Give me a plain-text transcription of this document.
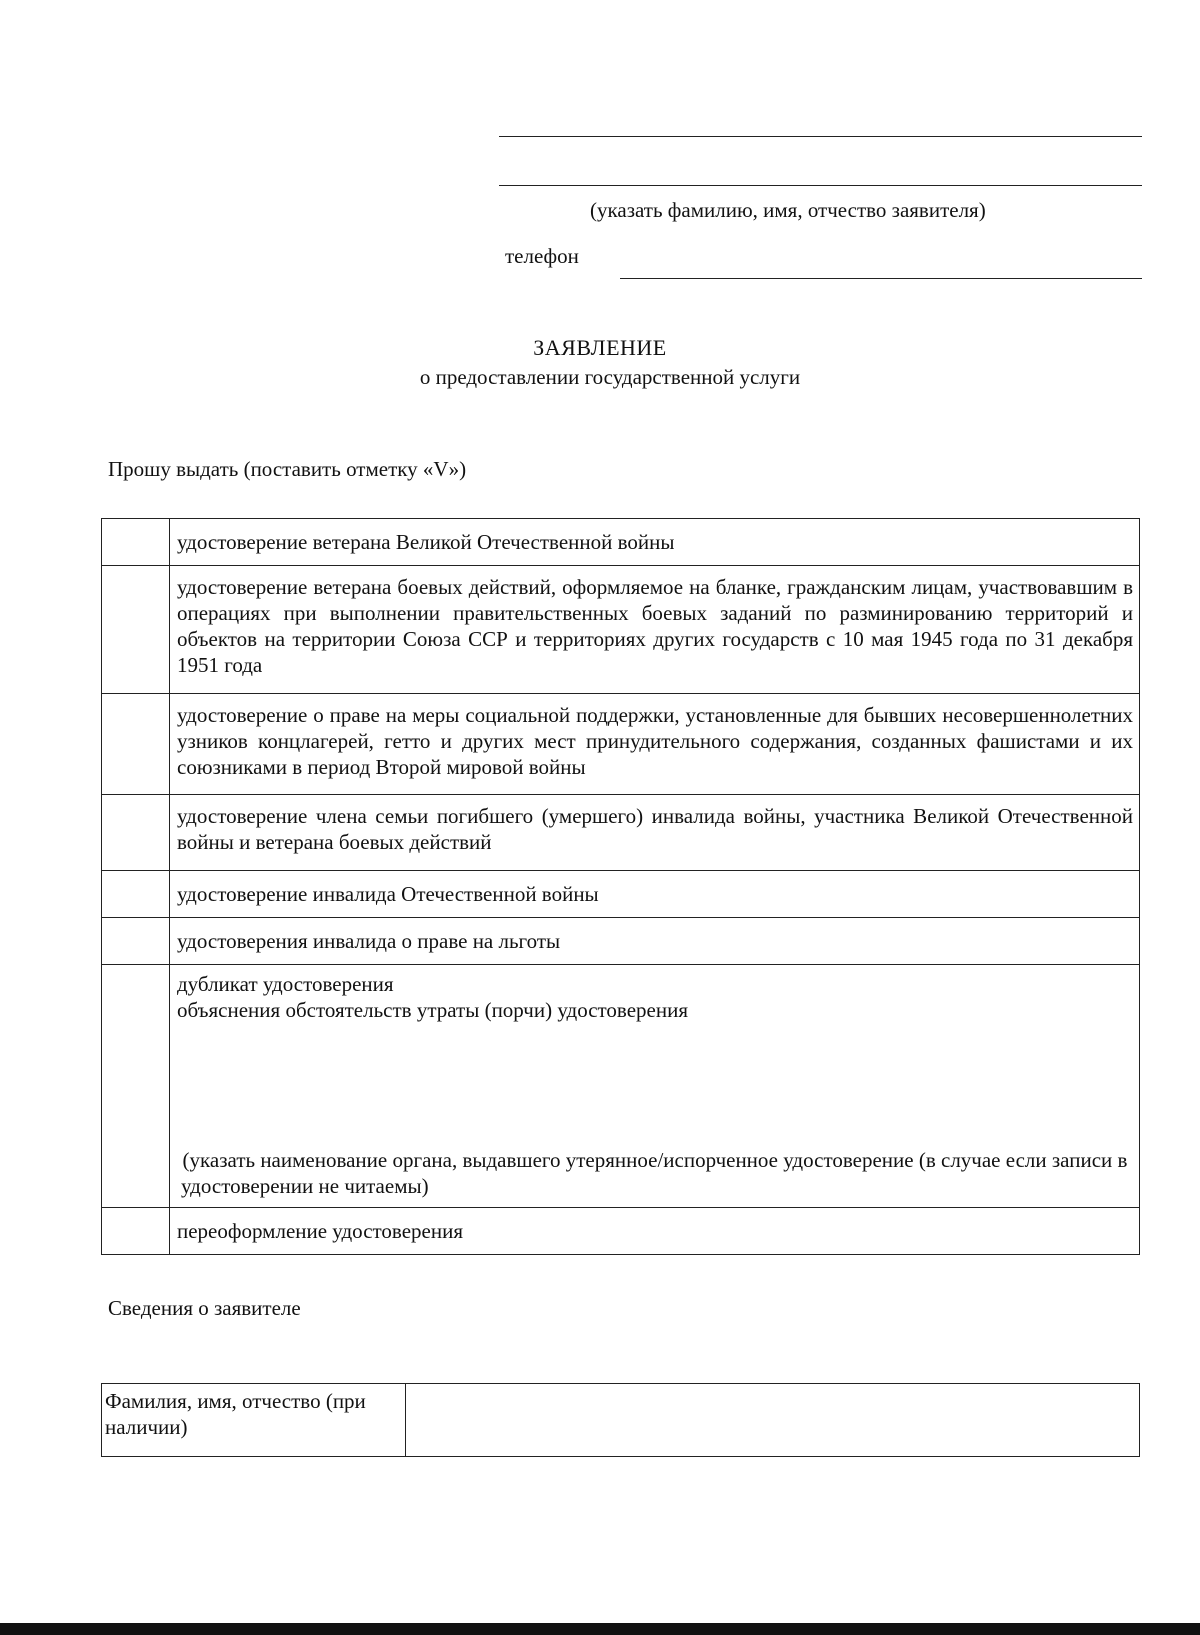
(указать фамилию, имя, отчество заявителя)
телефон
ЗАЯВЛЕНИЕ
о предоставлении государственной услуги
Прошу выдать (поставить отметку «V»)
	удостоверение ветерана Великой Отечественной войны
	удостоверение ветерана боевых действий, оформляемое на бланке, гражданским лицам, участвовавшим в операциях при выполнении правительственных боевых заданий по разминированию территорий и объектов на территории Союза ССР и территориях других государств с 10 мая 1945 года по 31 декабря 1951 года
	удостоверение о праве на меры социальной поддержки, установленные для бывших несовершеннолетних узников концлагерей, гетто и других мест принудительного содержания, созданных фашистами и их союзниками в период Второй мировой войны
	удостоверение члена семьи погибшего (умершего) инвалида войны, участника Великой Отечественной войны и ветерана боевых действий
	удостоверение инвалида Отечественной войны
	удостоверения инвалида о праве на льготы

	дубликат удостоверения
объяснения обстоятельств утраты (порчи) удостоверения
(указать наименование органа, выдавшего утерянное/испорченное удостоверение (в случае если записи в удостоверении не читаемы)

	переоформление удостоверения
Сведения о заявителе
Фамилия, имя, отчество (при наличии)	
